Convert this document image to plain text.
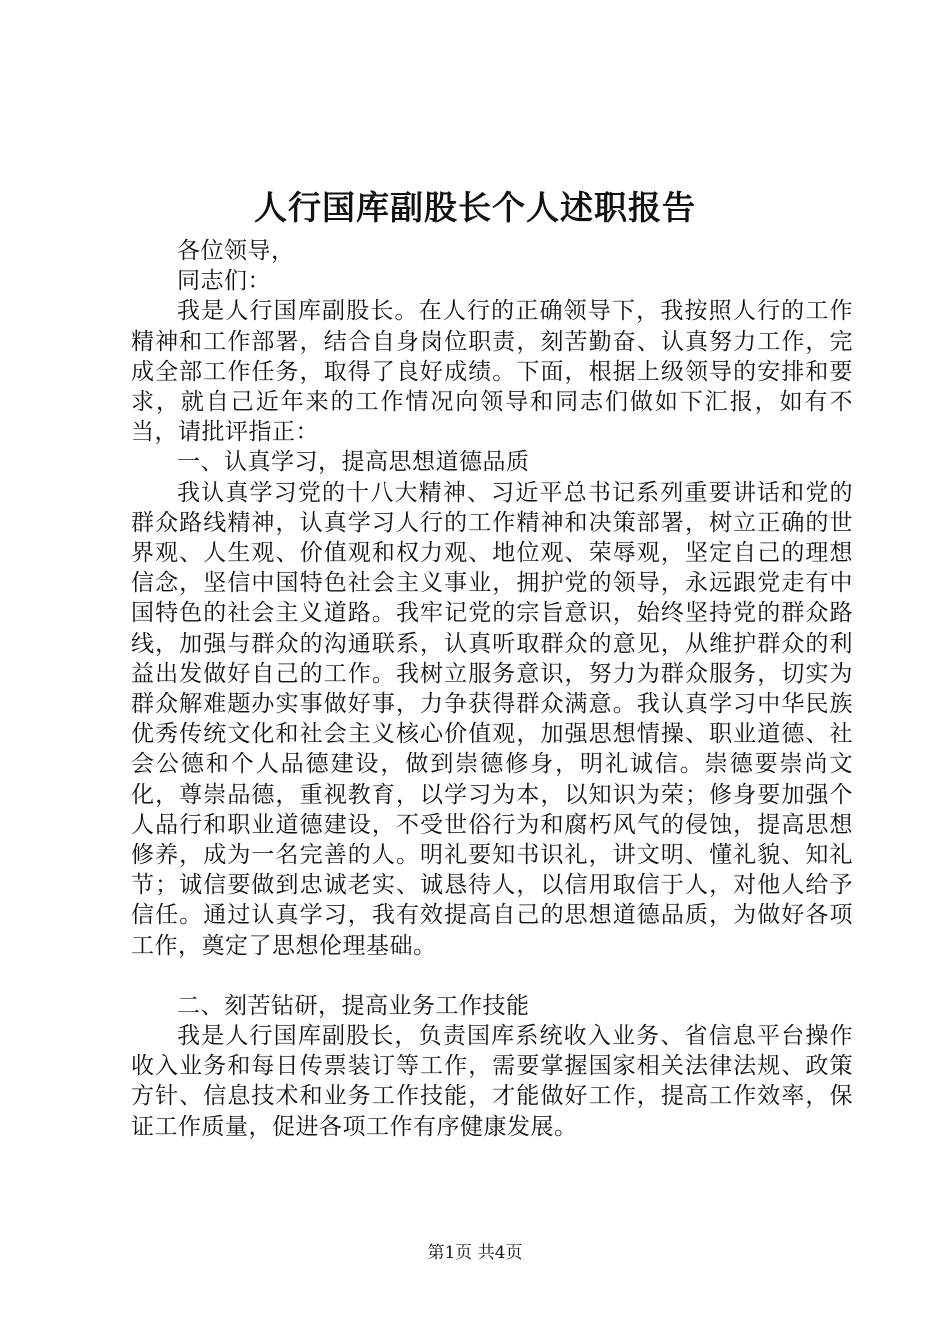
人行国库副股长个人述职报告

各位领导，

同志们：

我是人行国库副股长。在人行的正确领导下，我按照人行的工作精神和工作部署，结合自身岗位职责，刻苦勤奋、认真努力工作，完成全部工作任务，取得了良好成绩。下面，根据上级领导的安排和要求，就自己近年来的工作情况向领导和同志们做如下汇报，如有不当，请批评指正：

一、认真学习，提高思想道德品质

我认真学习党的十八大精神、习近平总书记系列重要讲话和党的群众路线精神，认真学习人行的工作精神和决策部署，树立正确的世界观、人生观、价值观和权力观、地位观、荣辱观，坚定自己的理想信念，坚信中国特色社会主义事业，拥护党的领导，永远跟党走有中国特色的社会主义道路。我牢记党的宗旨意识，始终坚持党的群众路线，加强与群众的沟通联系，认真听取群众的意见，从维护群众的利益出发做好自己的工作。我树立服务意识，努力为群众服务，切实为群众解难题办实事做好事，力争获得群众满意。我认真学习中华民族优秀传统文化和社会主义核心价值观，加强思想情操、职业道德、社会公德和个人品德建设，做到崇德修身，明礼诚信。崇德要崇尚文化，尊崇品德，重视教育，以学习为本，以知识为荣；修身要加强个人品行和职业道德建设，不受世俗行为和腐朽风气的侵蚀，提高思想修养，成为一名完善的人。明礼要知书识礼，讲文明、懂礼貌、知礼节；诚信要做到忠诚老实、诚恳待人，以信用取信于人，对他人给予信任。通过认真学习，我有效提高自己的思想道德品质，为做好各项工作，奠定了思想伦理基础。

二、刻苦钻研，提高业务工作技能

我是人行国库副股长，负责国库系统收入业务、省信息平台操作收入业务和每日传票装订等工作，需要掌握国家相关法律法规、政策方针、信息技术和业务工作技能，才能做好工作，提高工作效率，保证工作质量，促进各项工作有序健康发展。

第1页 共4页
